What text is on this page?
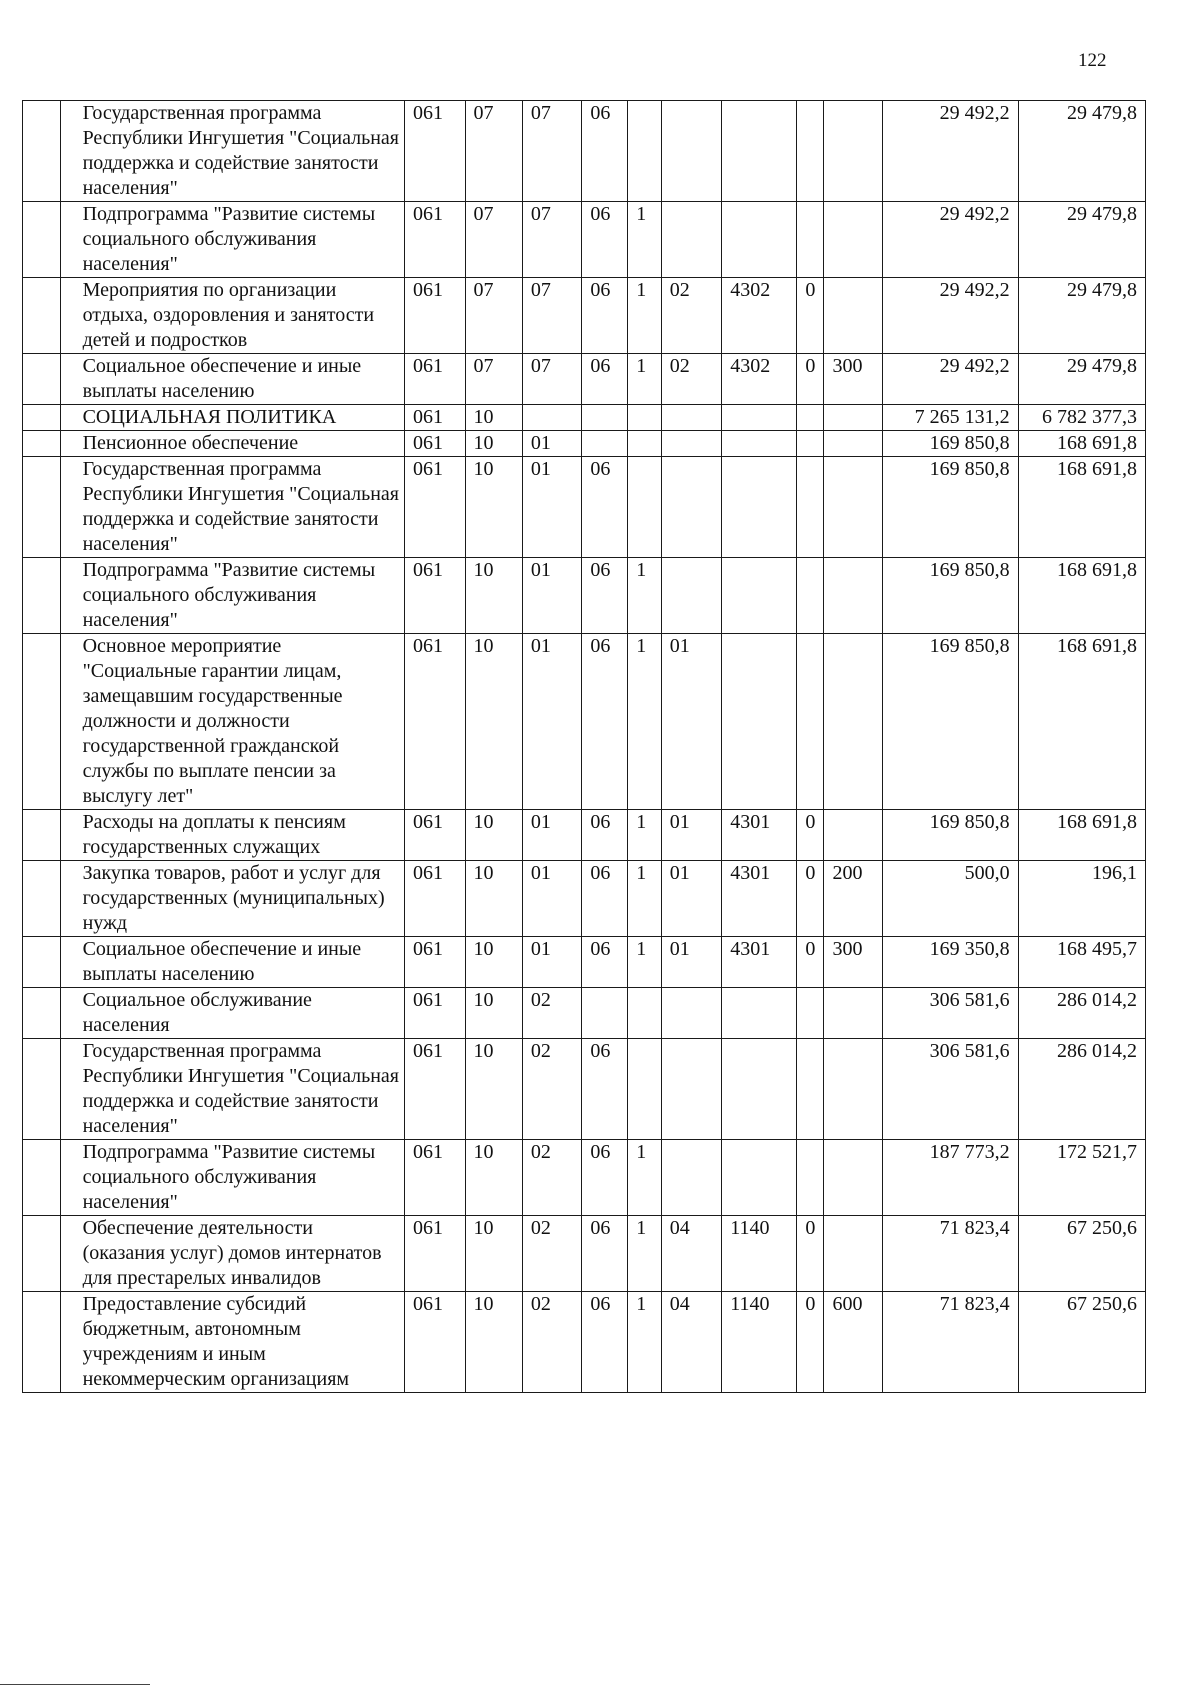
122
	Государственная программа Республики Ингушетия "Социальная поддержка и содействие занятости населения"	061	07	07	06						29 492,2	29 479,8
	Подпрограмма "Развитие системы социального обслуживания населения"	061	07	07	06	1					29 492,2	29 479,8
	Мероприятия по организации отдыха, оздоровления и занятости детей и подростков	061	07	07	06	1	02	4302	0		29 492,2	29 479,8
	Социальное обеспечение и иные выплаты населению	061	07	07	06	1	02	4302	0	300	29 492,2	29 479,8
	СОЦИАЛЬНАЯ ПОЛИТИКА	061	10								7 265 131,2	6 782 377,3
	Пенсионное обеспечение	061	10	01							169 850,8	168 691,8
	Государственная программа Республики Ингушетия "Социальная поддержка и содействие занятости населения"	061	10	01	06						169 850,8	168 691,8
	Подпрограмма "Развитие системы социального обслуживания населения"	061	10	01	06	1					169 850,8	168 691,8
	Основное мероприятие "Социальные гарантии лицам, замещавшим государственные должности и должности государственной гражданской службы по выплате пенсии за выслугу лет"	061	10	01	06	1	01				169 850,8	168 691,8
	Расходы на доплаты к пенсиям государственных служащих	061	10	01	06	1	01	4301	0		169 850,8	168 691,8
	Закупка товаров, работ и услуг для государственных (муниципальных) нужд	061	10	01	06	1	01	4301	0	200	500,0	196,1
	Социальное обеспечение и иные выплаты населению	061	10	01	06	1	01	4301	0	300	169 350,8	168 495,7
	Социальное обслуживание населения	061	10	02							306 581,6	286 014,2
	Государственная программа Республики Ингушетия "Социальная поддержка и содействие занятости населения"	061	10	02	06						306 581,6	286 014,2
	Подпрограмма "Развитие системы социального обслуживания населения"	061	10	02	06	1					187 773,2	172 521,7
	Обеспечение деятельности (оказания услуг) домов интернатов для престарелых инвалидов	061	10	02	06	1	04	1140	0		71 823,4	67 250,6
	Предоставление субсидий бюджетным, автономным учреждениям и иным некоммерческим организациям	061	10	02	06	1	04	1140	0	600	71 823,4	67 250,6
